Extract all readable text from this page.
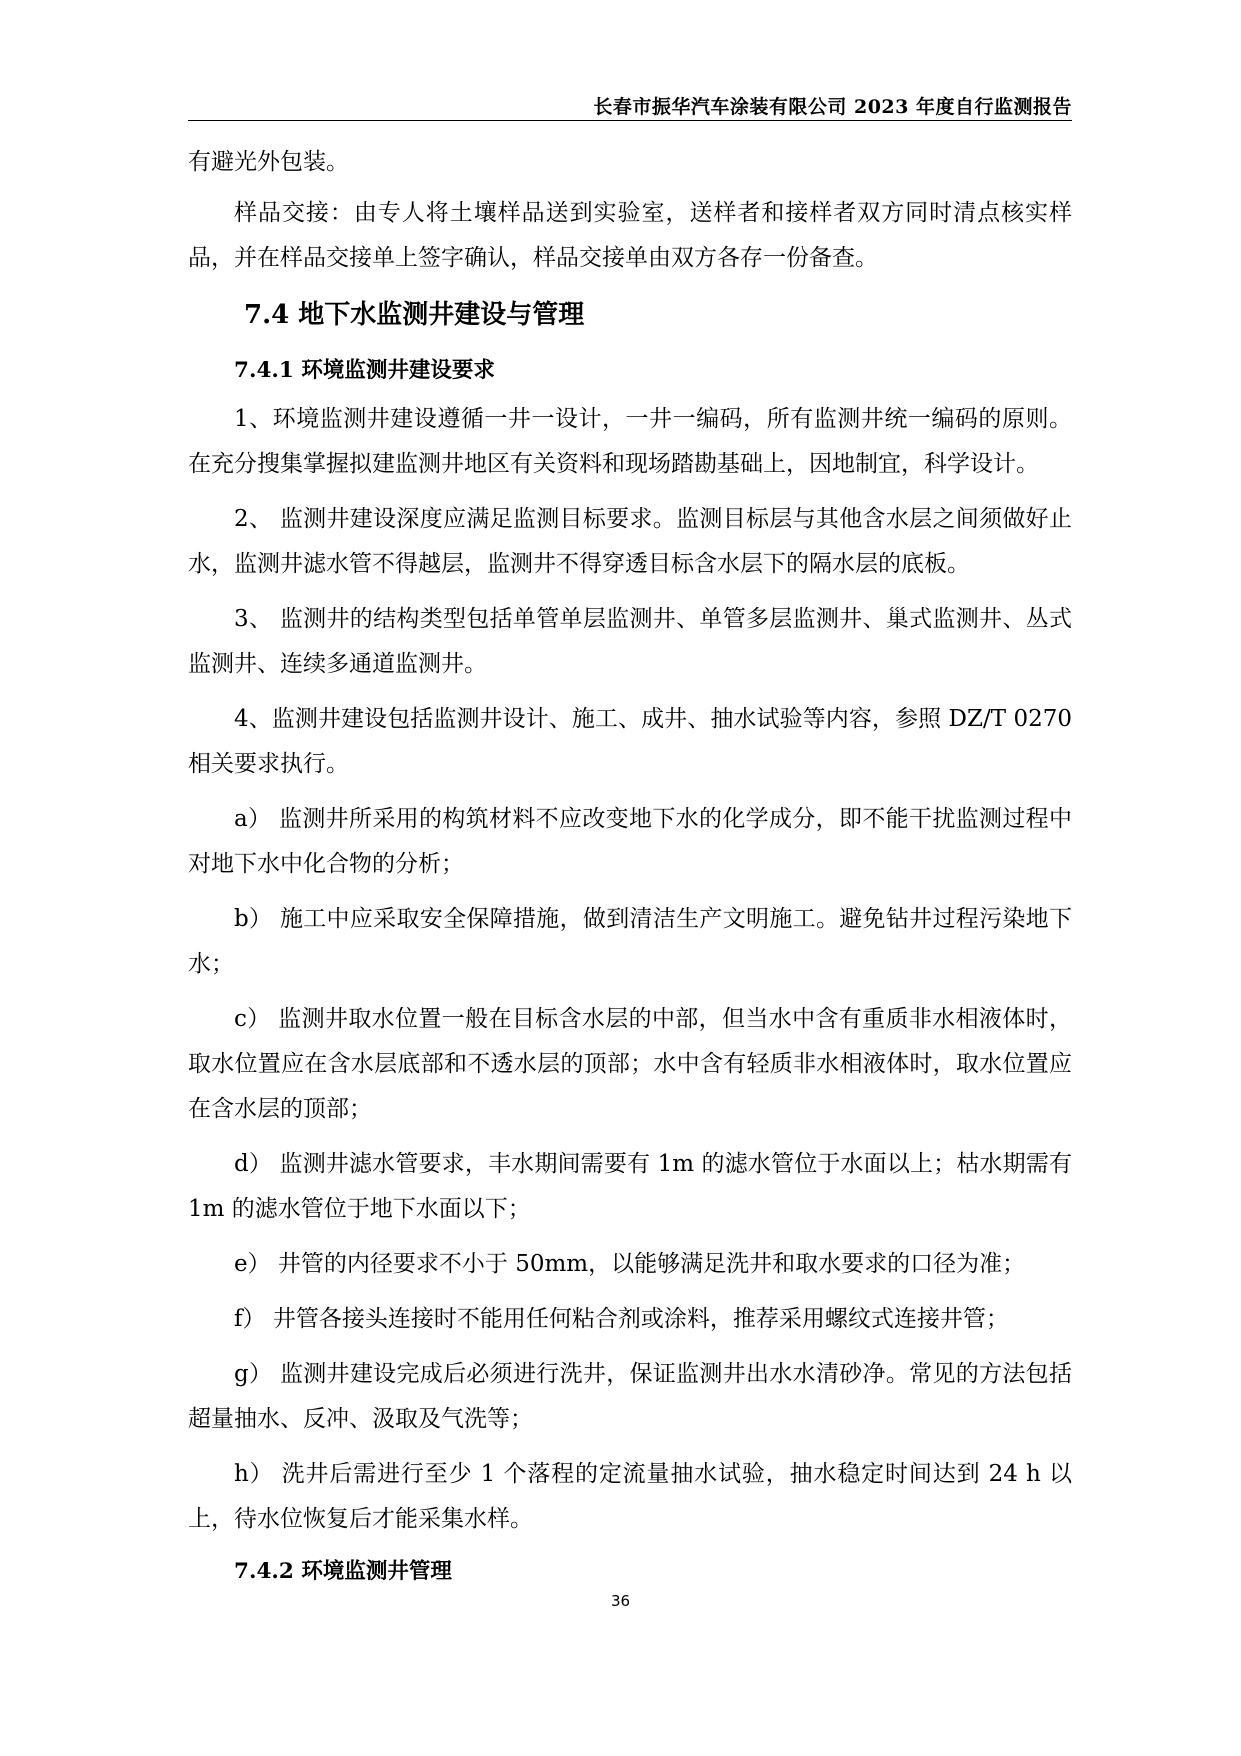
长春市振华汽车涂装有限公司 2023 年度自行监测报告

有避光外包装。

样品交接：由专人将土壤样品送到实验室，送样者和接样者双方同时清点核实样品，并在样品交接单上签字确认，样品交接单由双方各存一份备查。

7.4 地下水监测井建设与管理
7.4.1 环境监测井建设要求

1、环境监测井建设遵循一井一设计，一井一编码，所有监测井统一编码的原则。在充分搜集掌握拟建监测井地区有关资料和现场踏勘基础上，因地制宜，科学设计。

2、 监测井建设深度应满足监测目标要求。监测目标层与其他含水层之间须做好止水，监测井滤水管不得越层，监测井不得穿透目标含水层下的隔水层的底板。

3、 监测井的结构类型包括单管单层监测井、单管多层监测井、巢式监测井、丛式监测井、连续多通道监测井。

4、监测井建设包括监测井设计、施工、成井、抽水试验等内容，参照 DZ/T 0270 相关要求执行。

a） 监测井所采用的构筑材料不应改变地下水的化学成分，即不能干扰监测过程中对地下水中化合物的分析；

b） 施工中应采取安全保障措施，做到清洁生产文明施工。避免钻井过程污染地下水；

c） 监测井取水位置一般在目标含水层的中部，但当水中含有重质非水相液体时，取水位置应在含水层底部和不透水层的顶部；水中含有轻质非水相液体时，取水位置应在含水层的顶部；

d） 监测井滤水管要求，丰水期间需要有 1m 的滤水管位于水面以上；枯水期需有 1m 的滤水管位于地下水面以下；

e） 井管的内径要求不小于 50mm，以能够满足洗井和取水要求的口径为准；

f） 井管各接头连接时不能用任何粘合剂或涂料，推荐采用螺纹式连接井管；

g） 监测井建设完成后必须进行洗井，保证监测井出水水清砂净。常见的方法包括超量抽水、反冲、汲取及气洗等；

h） 洗井后需进行至少 1 个落程的定流量抽水试验，抽水稳定时间达到 24 h 以上，待水位恢复后才能采集水样。

7.4.2 环境监测井管理
36
